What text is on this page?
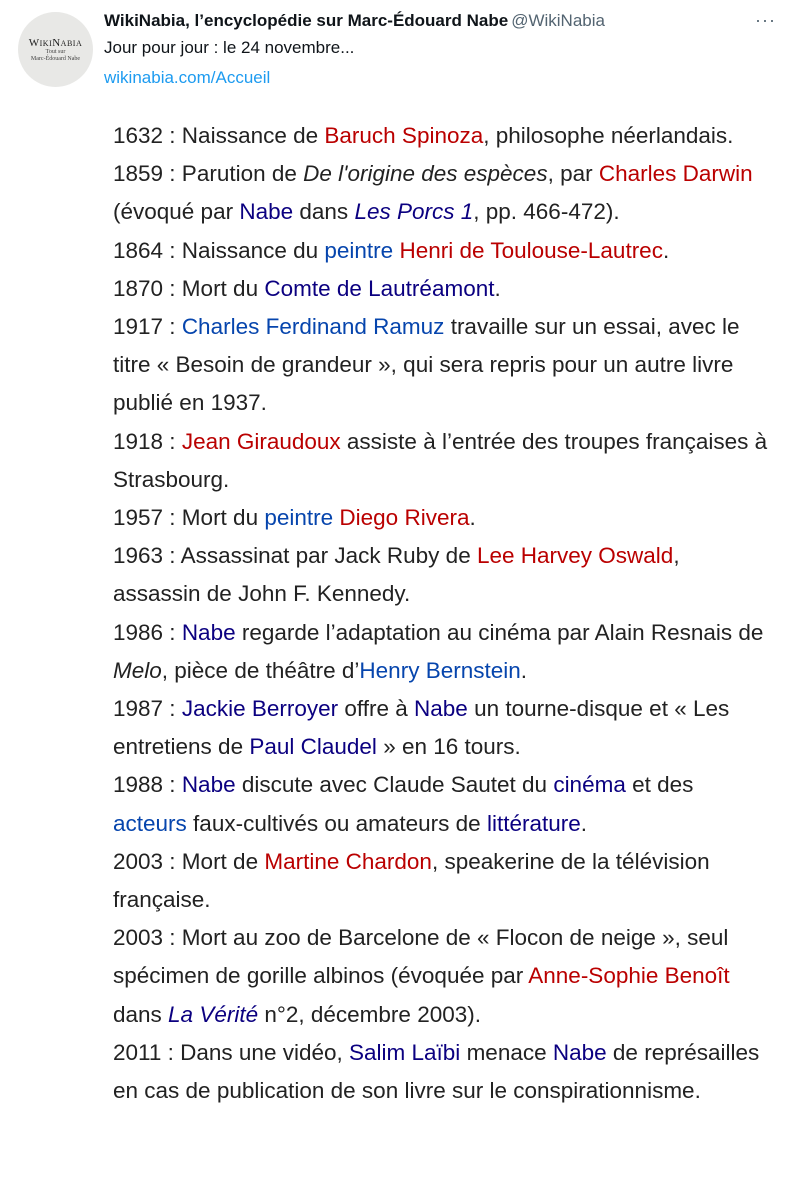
WikiNabia
Tout sur
Marc-Édouard Nabe
WikiNabia, l’encyclopédie sur Marc-Édouard Nabe @WikiNabia
Jour pour jour : le 24 novembre...
wikinabia.com/Accueil
···

1632 : Naissance de Baruch Spinoza, philosophe néerlandais.

1859 : Parution de De l'origine des espèces, par Charles Darwin (évoqué par Nabe dans Les Porcs 1, pp. 466-472).

1864 : Naissance du peintre Henri de Toulouse-Lautrec.

1870 : Mort du Comte de Lautréamont.

1917 : Charles Ferdinand Ramuz travaille sur un essai, avec le titre « Besoin de grandeur », qui sera repris pour un autre livre publié en 1937.

1918 : Jean Giraudoux assiste à l’entrée des troupes françaises à Strasbourg.

1957 : Mort du peintre Diego Rivera.

1963 : Assassinat par Jack Ruby de Lee Harvey Oswald, assassin de John F. Kennedy.

1986 : Nabe regarde l’adaptation au cinéma par Alain Resnais de Melo, pièce de théâtre d’Henry Bernstein.

1987 : Jackie Berroyer offre à Nabe un tourne-disque et « Les entretiens de Paul Claudel » en 16 tours.

1988 : Nabe discute avec Claude Sautet du cinéma et des acteurs faux-cultivés ou amateurs de littérature.

2003 : Mort de Martine Chardon, speakerine de la télévision française.

2003 : Mort au zoo de Barcelone de « Flocon de neige », seul spécimen de gorille albinos (évoquée par Anne-Sophie Benoît dans La Vérité n°2, décembre 2003).

2011 : Dans une vidéo, Salim Laïbi menace Nabe de représailles en cas de publication de son livre sur le conspirationnisme.
